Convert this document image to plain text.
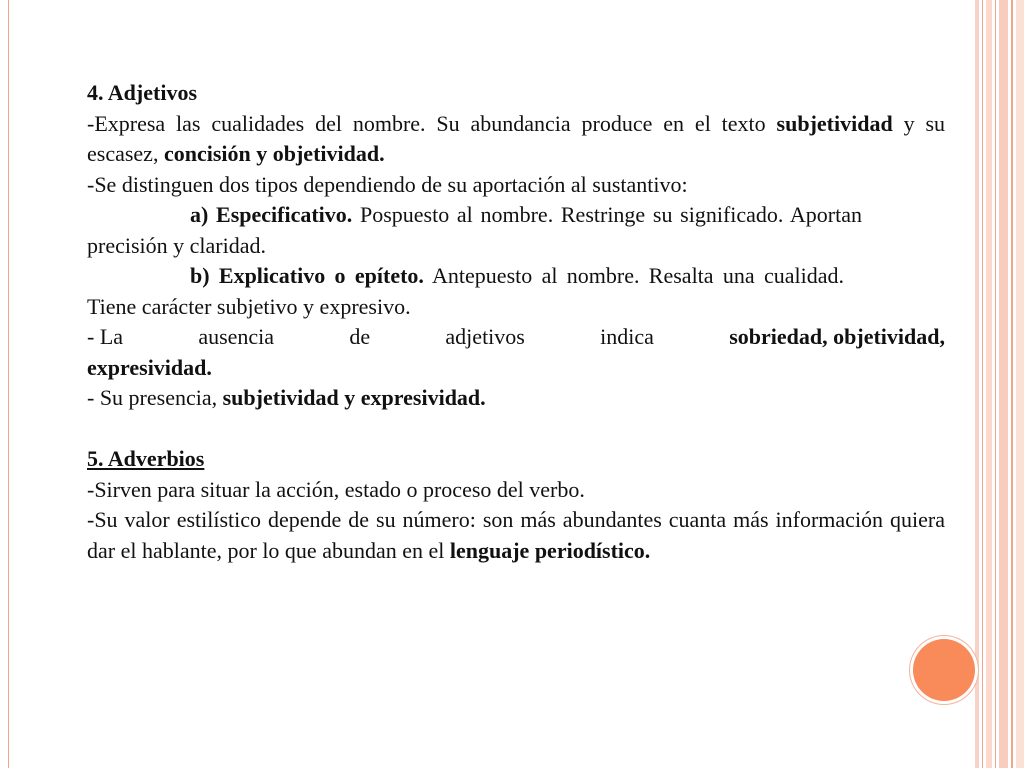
4. Adjetivos

-Expresa las cualidades del nombre. Su abundancia produce en el texto subjetividad y su escasez, concisión y objetividad.

-Se distinguen dos tipos dependiendo de su aportación al sustantivo:

a) Especificativo. Pospuesto al nombre. Restringe su significado. Aportanprecisión y claridad.

b) Explicativo o epíteto. Antepuesto al nombre. Resalta una cualidad.Tiene carácter subjetivo y expresivo.

- La	ausencia	de	adjetivos	indica	sobriedad, objetividad,

expresividad.

- Su presencia, subjetividad y expresividad.

5. Adverbios

-Sirven para situar la acción, estado o proceso del verbo.

-Su valor estilístico depende de su número: son más abundantes cuanta más información quiera dar el hablante, por lo que abundan en el lenguaje periodístico.
